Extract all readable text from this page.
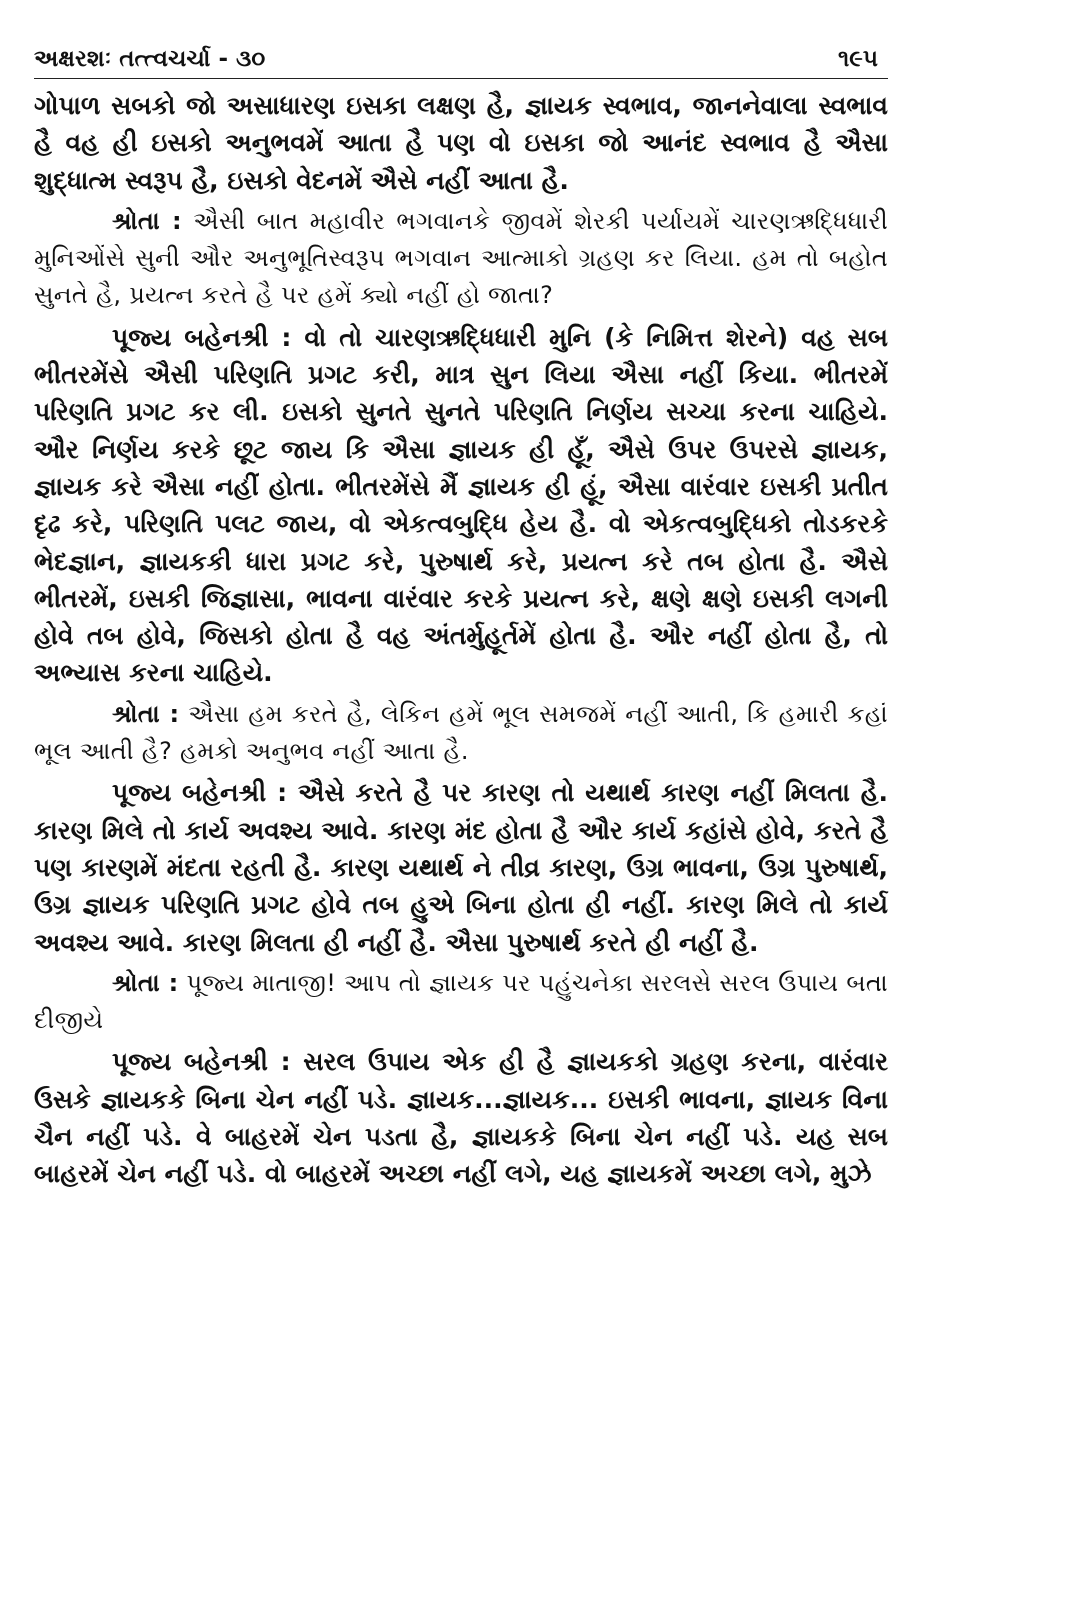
અક્ષરશઃ તત્ત્વચર્ચા - ૩૦	૧૯૫

ગોપાળ સબકો જો અસાધારણ ઇસકા લક્ષણ હૈ, જ્ઞાયક સ્વભાવ, જાનનેવાલા સ્વભાવ હૈ વહ હી ઇસકો અનુભવમેં આતા હૈ પણ વો ઇસકા જો આનંદ સ્વભાવ હૈ ઐસા શુદ્ધાત્મ સ્વરૂપ હૈ, ઇસકો વેદનમેં ઐસે નહીં આતા હૈ.

શ્રોતા : ઐસી બાત મહાવીર ભગવાનકે જીવમેં શેરકી પર્યાયમેં ચારણઋદ્ધિધારી મુનિઓંસે સુની ઔર અનુભૂતિસ્વરૂપ ભગવાન આત્માકો ગ્રહણ કર લિયા. હમ તો બહોત સુનતે હૈ, પ્રયત્ન કરતે હૈ પર હમેં ક્યો નહીં હો જાતા?

પૂજ્ય બહેનશ્રી : વો તો ચારણઋદ્ધિધારી મુનિ (કે નિમિત્ત શેરને) વહ સબ ભીતરમેંસે ઐસી પરિણતિ પ્રગટ કરી, માત્ર સુન લિયા ઐસા નહીં કિયા. ભીતરમેં પરિણતિ પ્રગટ કર લી. ઇસકો સુનતે સુનતે પરિણતિ નિર્ણય સચ્ચા કરના ચાહિયે. ઔર નિર્ણય કરકે છૂટ જાય કિ ઐસા જ્ઞાયક હી હૂઁ, ઐસે ઉપર ઉપરસે જ્ઞાયક, જ્ઞાયક કરે ઐસા નહીં હોતા. ભીતરમેંસે મૈં જ્ઞાયક હી હૂં, ઐસા વારંવાર ઇસકી પ્રતીત દૃઢ કરે, પરિણતિ પલટ જાય, વો એકત્વબુદ્ધિ હેય હૈ. વો એકત્વબુદ્ધિકો તોડકરકે ભેદજ્ઞાન, જ્ઞાયકકી ધારા પ્રગટ કરે, પુરુષાર્થ કરે, પ્રયત્ન કરે તબ હોતા હૈ. ઐસે ભીતરમેં, ઇસકી જિજ્ઞાસા, ભાવના વારંવાર કરકે પ્રયત્ન કરે, ક્ષણે ક્ષણે ઇસકી લગની હોવે તબ હોવે, જિસકો હોતા હૈ વહ અંતર્મુહૂર્તમેં હોતા હૈ. ઔર નહીં હોતા હૈ, તો અભ્યાસ કરના ચાહિયે.

શ્રોતા : ઐસા હમ કરતે હૈ, લેકિન હમેં ભૂલ સમજમેં નહીં આતી, કિ હમારી કહાં ભૂલ આતી હૈ? હમકો અનુભવ નહીં આતા હૈ.

પૂજ્ય બહેનશ્રી : ઐસે કરતે હૈ પર કારણ તો યથાર્થ કારણ નહીં મિલતા હૈ. કારણ મિલે તો કાર્ય અવશ્ય આવે. કારણ મંદ હોતા હૈ ઔર કાર્ય કહાંસે હોવે, કરતે હૈ પણ કારણમેં મંદતા રહતી હૈ. કારણ યથાર્થ ને તીવ્ર કારણ, ઉગ્ર ભાવના, ઉગ્ર પુરુષાર્થ, ઉગ્ર જ્ઞાયક પરિણતિ પ્રગટ હોવે તબ હુએ બિના હોતા હી નહીં. કારણ મિલે તો કાર્ય અવશ્ય આવે. કારણ મિલતા હી નહીં હૈ. ઐસા પુરુષાર્થ કરતે હી નહીં હૈ.

શ્રોતા : પૂજ્ય માતાજી! આપ તો જ્ઞાયક પર પહુંચનેકા સરલસે સરલ ઉપાય બતા દીજીયે

પૂજ્ય બહેનશ્રી : સરલ ઉપાય એક હી હૈ જ્ઞાયકકો ગ્રહણ કરના, વારંવાર ઉસકે જ્ઞાયકકે બિના ચેન નહીં પડે. જ્ઞાયક...જ્ઞાયક... ઇસકી ભાવના, જ્ઞાયક વિના ચૈન નહીં પડે. વે બાહરમેં ચેન પડતા હૈ, જ્ઞાયકકે બિના ચેન નહીં પડે. યહ સબ બાહરમેં ચેન નહીં પડે. વો બાહરમેં અચ્છા નહીં લગે, યહ જ્ઞાયકમેં અચ્છા લગે, મુઝે
